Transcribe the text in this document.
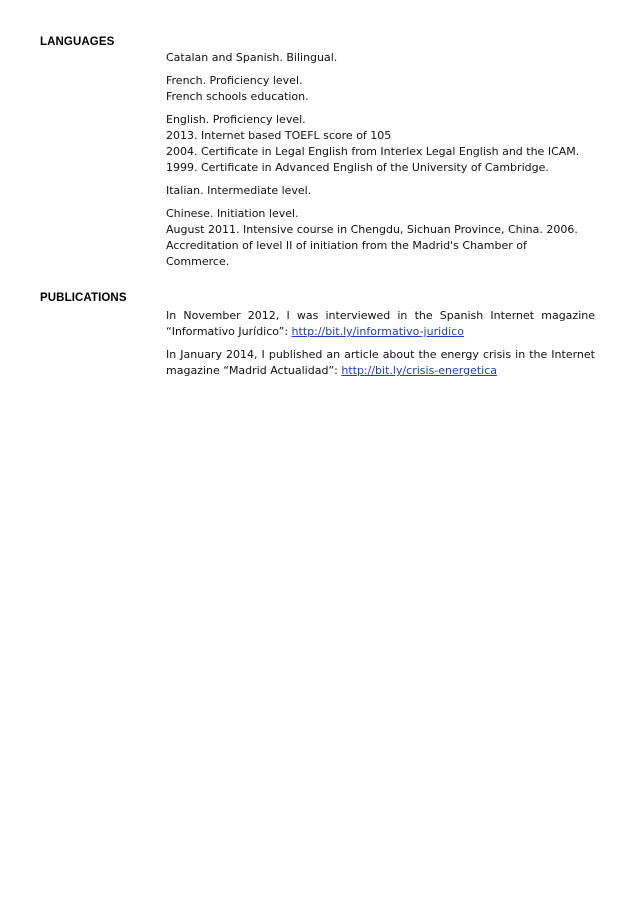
LANGUAGES

Catalan and Spanish. Bilingual.

French. Proficiency level.
French schools education.

English. Proficiency level.
2013. Internet based TOEFL score of 105
2004. Certificate in Legal English from Interlex Legal English and the ICAM.
1999. Certificate in Advanced English of the University of Cambridge.

Italian. Intermediate level.

Chinese. Initiation level.
August 2011. Intensive course in Chengdu, Sichuan Province, China. 2006.
Accreditation of level II of initiation from the Madrid's Chamber of
Commerce.

PUBLICATIONS

In November 2012, I was interviewed in the Spanish Internet magazine “Informativo Jurídico”: http://bit.ly/informativo-juridico

In January 2014, I published an article about the energy crisis in the Internet magazine “Madrid Actualidad”: http://bit.ly/crisis-energetica
